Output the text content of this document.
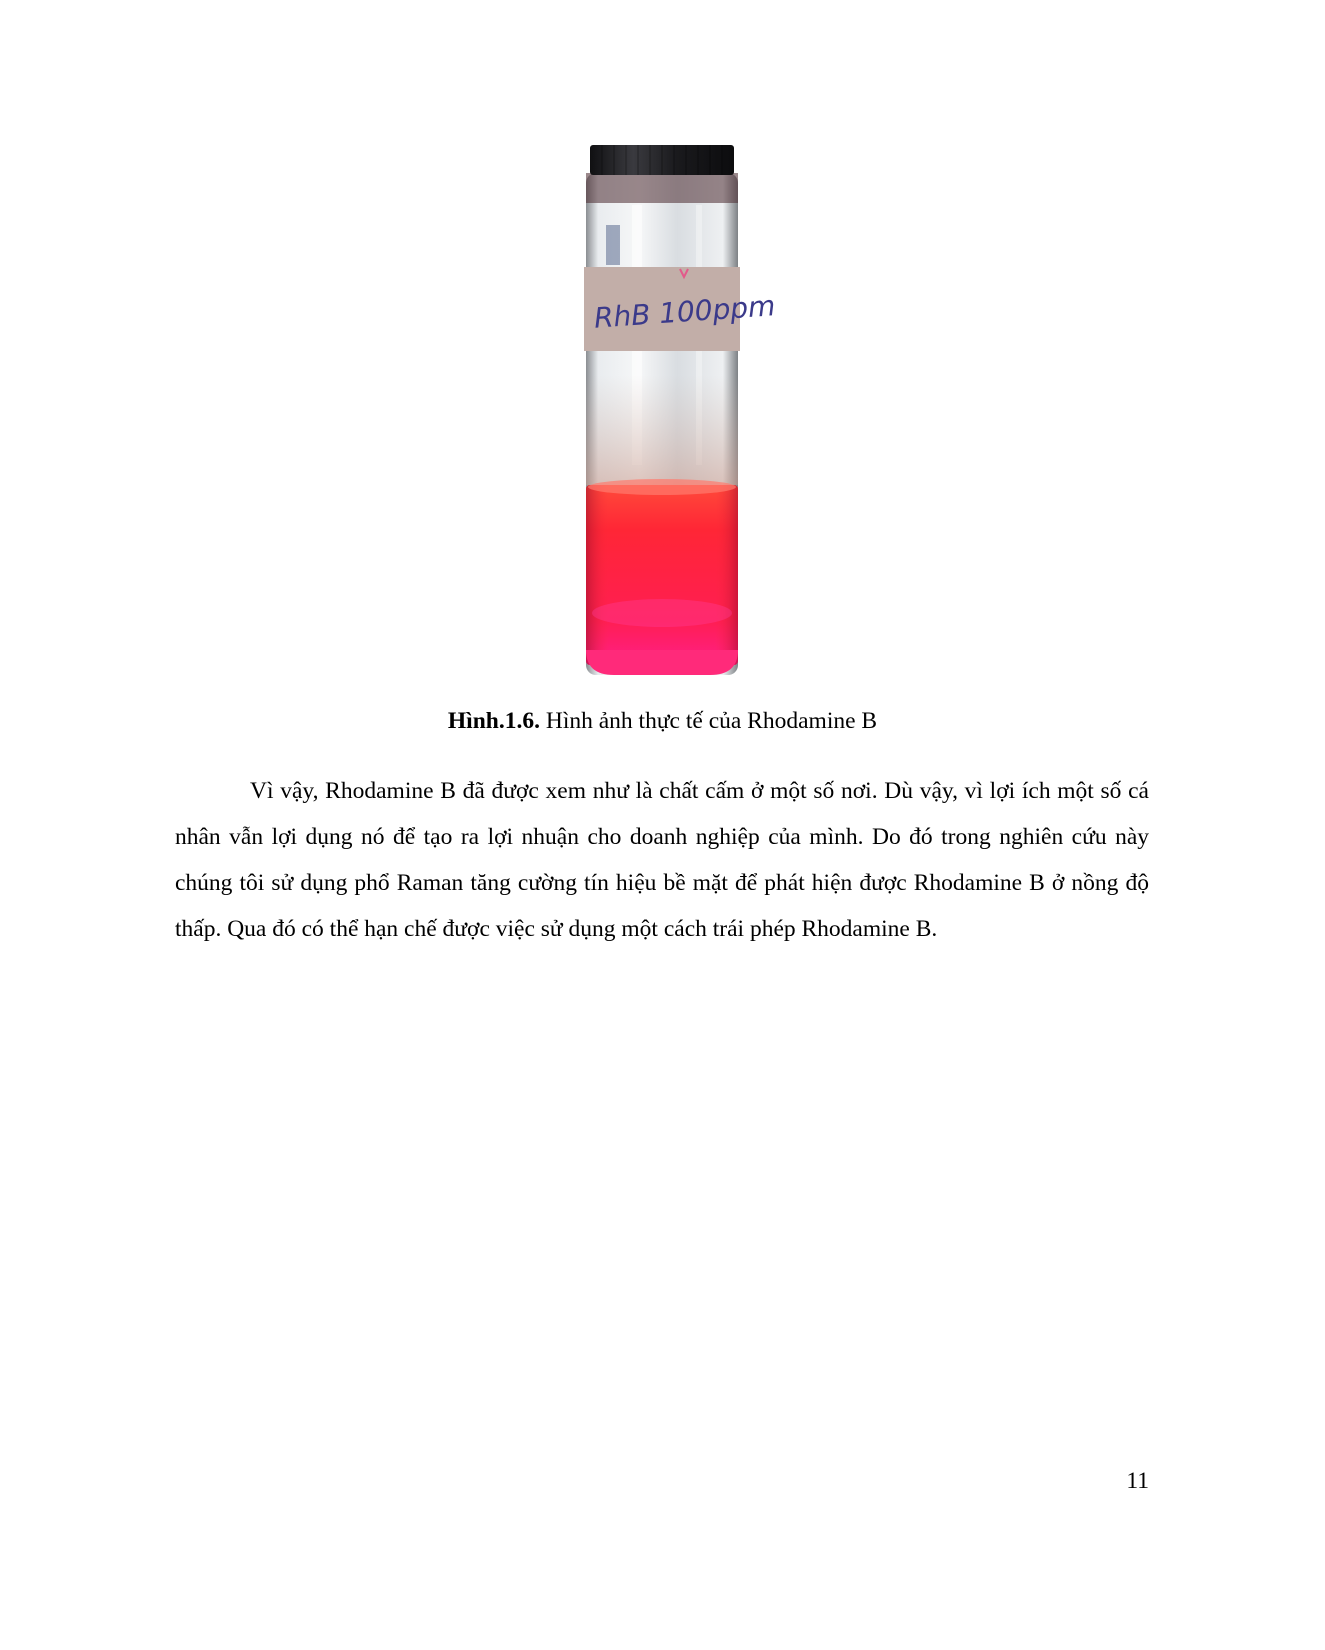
RhB 100ppm
Hình.1.6. Hình ảnh thực tế của Rhodamine B

Vì vậy, Rhodamine B đã được xem như là chất cấm ở một số nơi. Dù vậy, vì lợi ích một số cá nhân vẫn lợi dụng nó để tạo ra lợi nhuận cho doanh nghiệp của mình. Do đó trong nghiên cứu này chúng tôi sử dụng phổ Raman tăng cường tín hiệu bề mặt để phát hiện được Rhodamine B ở nồng độ thấp. Qua đó có thể hạn chế được việc sử dụng một cách trái phép Rhodamine B.

11
